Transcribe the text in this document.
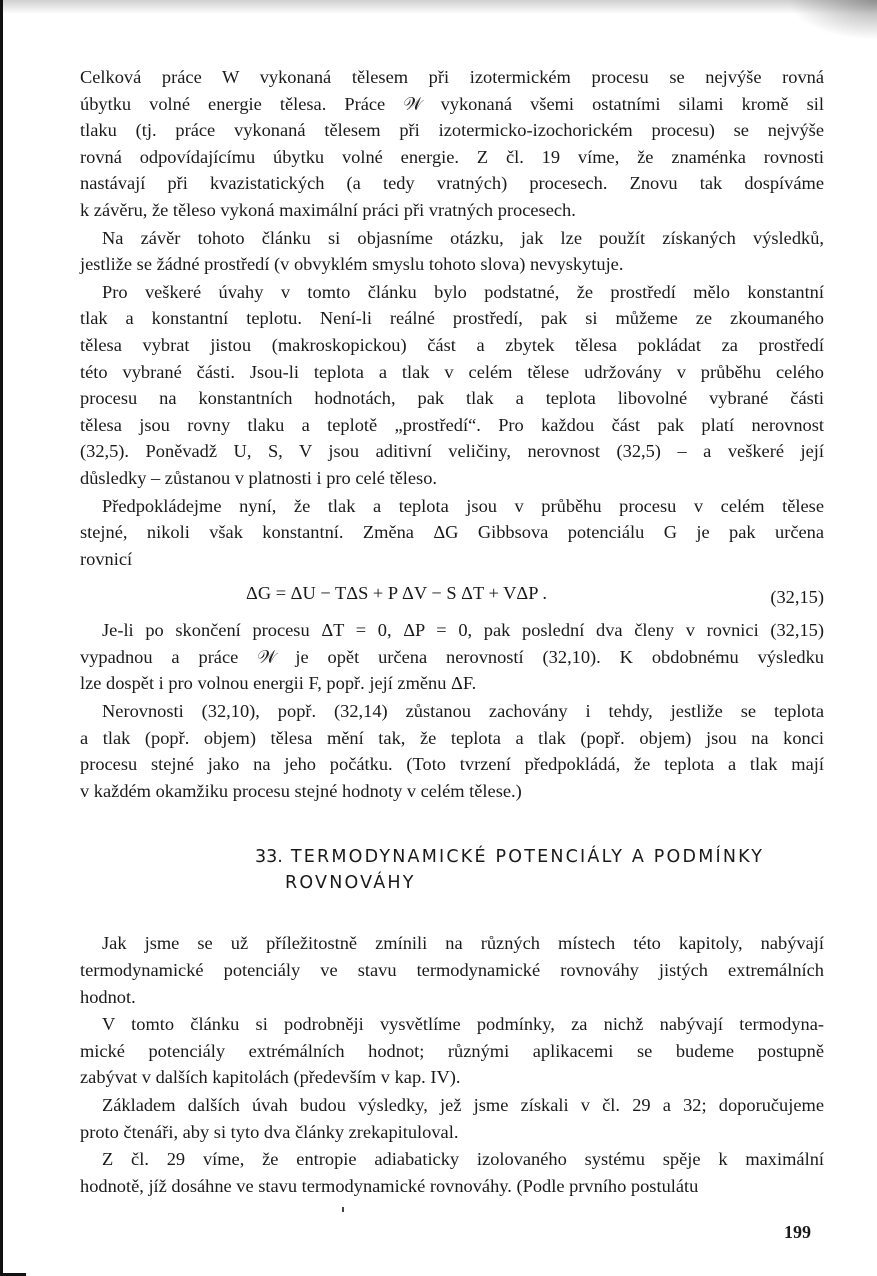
Celková práce W vykonaná tělesem při izotermickém procesu se nejvýše rovná
úbytku volné energie tělesa. Práce 𝒲 vykonaná všemi ostatními silami kromě sil
tlaku (tj. práce vykonaná tělesem při izotermicko-izochorickém procesu) se nejvýše
rovná odpovídajícímu úbytku volné energie. Z čl. 19 víme, že znaménka rovnosti
nastávají při kvazistatických (a tedy vratných) procesech. Znovu tak dospíváme
k závěru, že těleso vykoná maximální práci při vratných procesech.
Na závěr tohoto článku si objasníme otázku, jak lze použít získaných výsledků,
jestliže se žádné prostředí (v obvyklém smyslu tohoto slova) nevyskytuje.
Pro veškeré úvahy v tomto článku bylo podstatné, že prostředí mělo konstantní
tlak a konstantní teplotu. Není-li reálné prostředí, pak si můžeme ze zkoumaného
tělesa vybrat jistou (makroskopickou) část a zbytek tělesa pokládat za prostředí
této vybrané části. Jsou-li teplota a tlak v celém tělese udržovány v průběhu celého
procesu na konstantních hodnotách, pak tlak a teplota libovolné vybrané části
tělesa jsou rovny tlaku a teplotě „prostředí“. Pro každou část pak platí nerovnost
(32,5). Poněvadž U, S, V jsou aditivní veličiny, nerovnost (32,5) – a veškeré její
důsledky – zůstanou v platnosti i pro celé těleso.
Předpokládejme nyní, že tlak a teplota jsou v průběhu procesu v celém tělese
stejné, nikoli však konstantní. Změna ΔG Gibbsova potenciálu G je pak určena
rovnicí
ΔG = ΔU − TΔS + P ΔV − S ΔT + VΔP .	(32,15)
Je-li po skončení procesu ΔT = 0, ΔP = 0, pak poslední dva členy v rovnici (32,15)
vypadnou a práce 𝒲 je opět určena nerovností (32,10). K obdobnému výsledku
lze dospět i pro volnou energii F, popř. její změnu ΔF.
Nerovnosti (32,10), popř. (32,14) zůstanou zachovány i tehdy, jestliže se teplota
a tlak (popř. objem) tělesa mění tak, že teplota a tlak (popř. objem) jsou na konci
procesu stejné jako na jeho počátku. (Toto tvrzení předpokládá, že teplota a tlak mají
v každém okamžiku procesu stejné hodnoty v celém tělese.)
33. TERMODYNAMICKÉ POTENCIÁLY A PODMÍNKY
ROVNOVÁHY
Jak jsme se už příležitostně zmínili na různých místech této kapitoly, nabývají
termodynamické potenciály ve stavu termodynamické rovnováhy jistých extremálních
hodnot.
V tomto článku si podrobněji vysvětlíme podmínky, za nichž nabývají termodyna-
mické potenciály extrémálních hodnot; různými aplikacemi se budeme postupně
zabývat v dalších kapitolách (především v kap. IV).
Základem dalších úvah budou výsledky, jež jsme získali v čl. 29 a 32; doporučujeme
proto čtenáři, aby si tyto dva články zrekapituloval.
Z čl. 29 víme, že entropie adiabaticky izolovaného systému spěje k maximální
hodnotě, jíž dosáhne ve stavu termodynamické rovnováhy. (Podle prvního postulátu
199
